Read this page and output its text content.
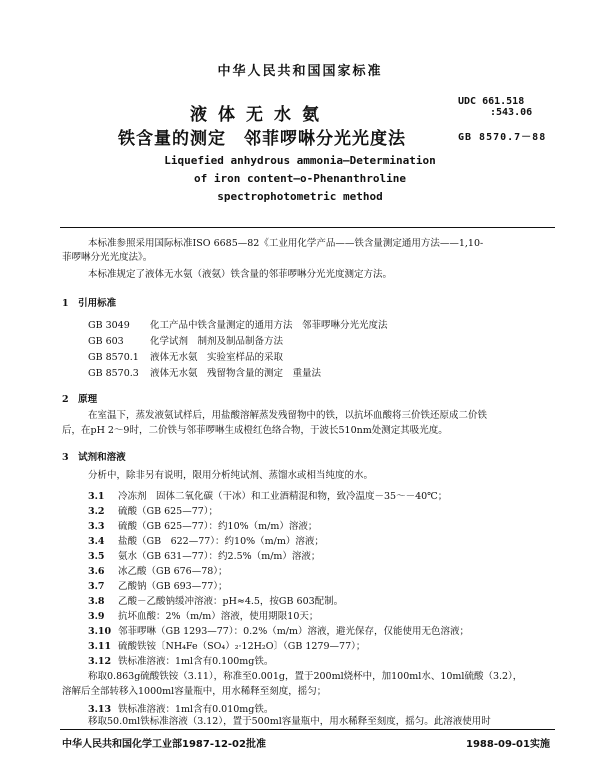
中华人民共和国国家标准
液体无水氨
铁含量的测定　邻菲啰啉分光光度法
UDC 661.518
:543.06
GB 8570.7－88
Liquefied anhydrous ammonia—Determination
of iron content—o-Phenanthroline
spectrophotometric method
本标准参照采用国际标准ISO 6685—82《工业用化学产品——铁含量测定通用方法——1,10-
菲啰啉分光光度法》。
本标准规定了液体无水氨（液氨）铁含量的邻菲啰啉分光光度测定方法。
1　引用标准
GB 3049 化工产品中铁含量测定的通用方法　邻菲啰啉分光光度法
GB 603	化学试剂　制剂及制品制备方法
GB 8570.1 液体无水氨　实验室样品的采取
GB 8570.3 液体无水氨　残留物含量的测定　重量法
2　原理
在室温下，蒸发液氨试样后，用盐酸溶解蒸发残留物中的铁，以抗坏血酸将三价铁还原成二价铁
后，在pH 2～9时，二价铁与邻菲啰啉生成橙红色络合物，于波长510nm处测定其吸光度。
3　试剂和溶液
分析中，除非另有说明，限用分析纯试剂、蒸馏水或相当纯度的水。
3.1 冷冻剂　固体二氧化碳（干冰）和工业酒精混和物，致冷温度－35～－40℃；
3.2 硫酸（GB 625—77）；
3.3 硫酸（GB 625—77）：约10%（m/m）溶液；
3.4 盐酸（GB　622—77）：约10%（m/m）溶液；
3.5 氨水（GB 631—77）：约2.5%（m/m）溶液；
3.6 冰乙酸（GB 676—78）；
3.7 乙酸钠（GB 693—77）；
3.8 乙酸－乙酸钠缓冲溶液：pH≈4.5，按GB 603配制。
3.9 抗坏血酸：2%（m/m）溶液，使用期限10天；
3.10 邻菲啰啉（GB 1293—77）：0.2%（m/m）溶液，避光保存，仅能使用无色溶液；
3.11 硫酸铁铵〔NH₄Fe（SO₄）₂·12H₂O〕（GB 1279—77）；
3.12 铁标准溶液：1ml含有0.100mg铁。
称取0.863g硫酸铁铵（3.11），称准至0.001g，置于200ml烧杯中，加100ml水、10ml硫酸（3.2），
溶解后全部转移入1000ml容量瓶中，用水稀释至刻度，摇匀；
3.13 铁标准溶液：1ml含有0.010mg铁。
移取50.0ml铁标准溶液（3.12），置于500ml容量瓶中，用水稀释至刻度，摇匀。此溶液使用时
中华人民共和国化学工业部1987-12-02批准	1988-09-01实施
